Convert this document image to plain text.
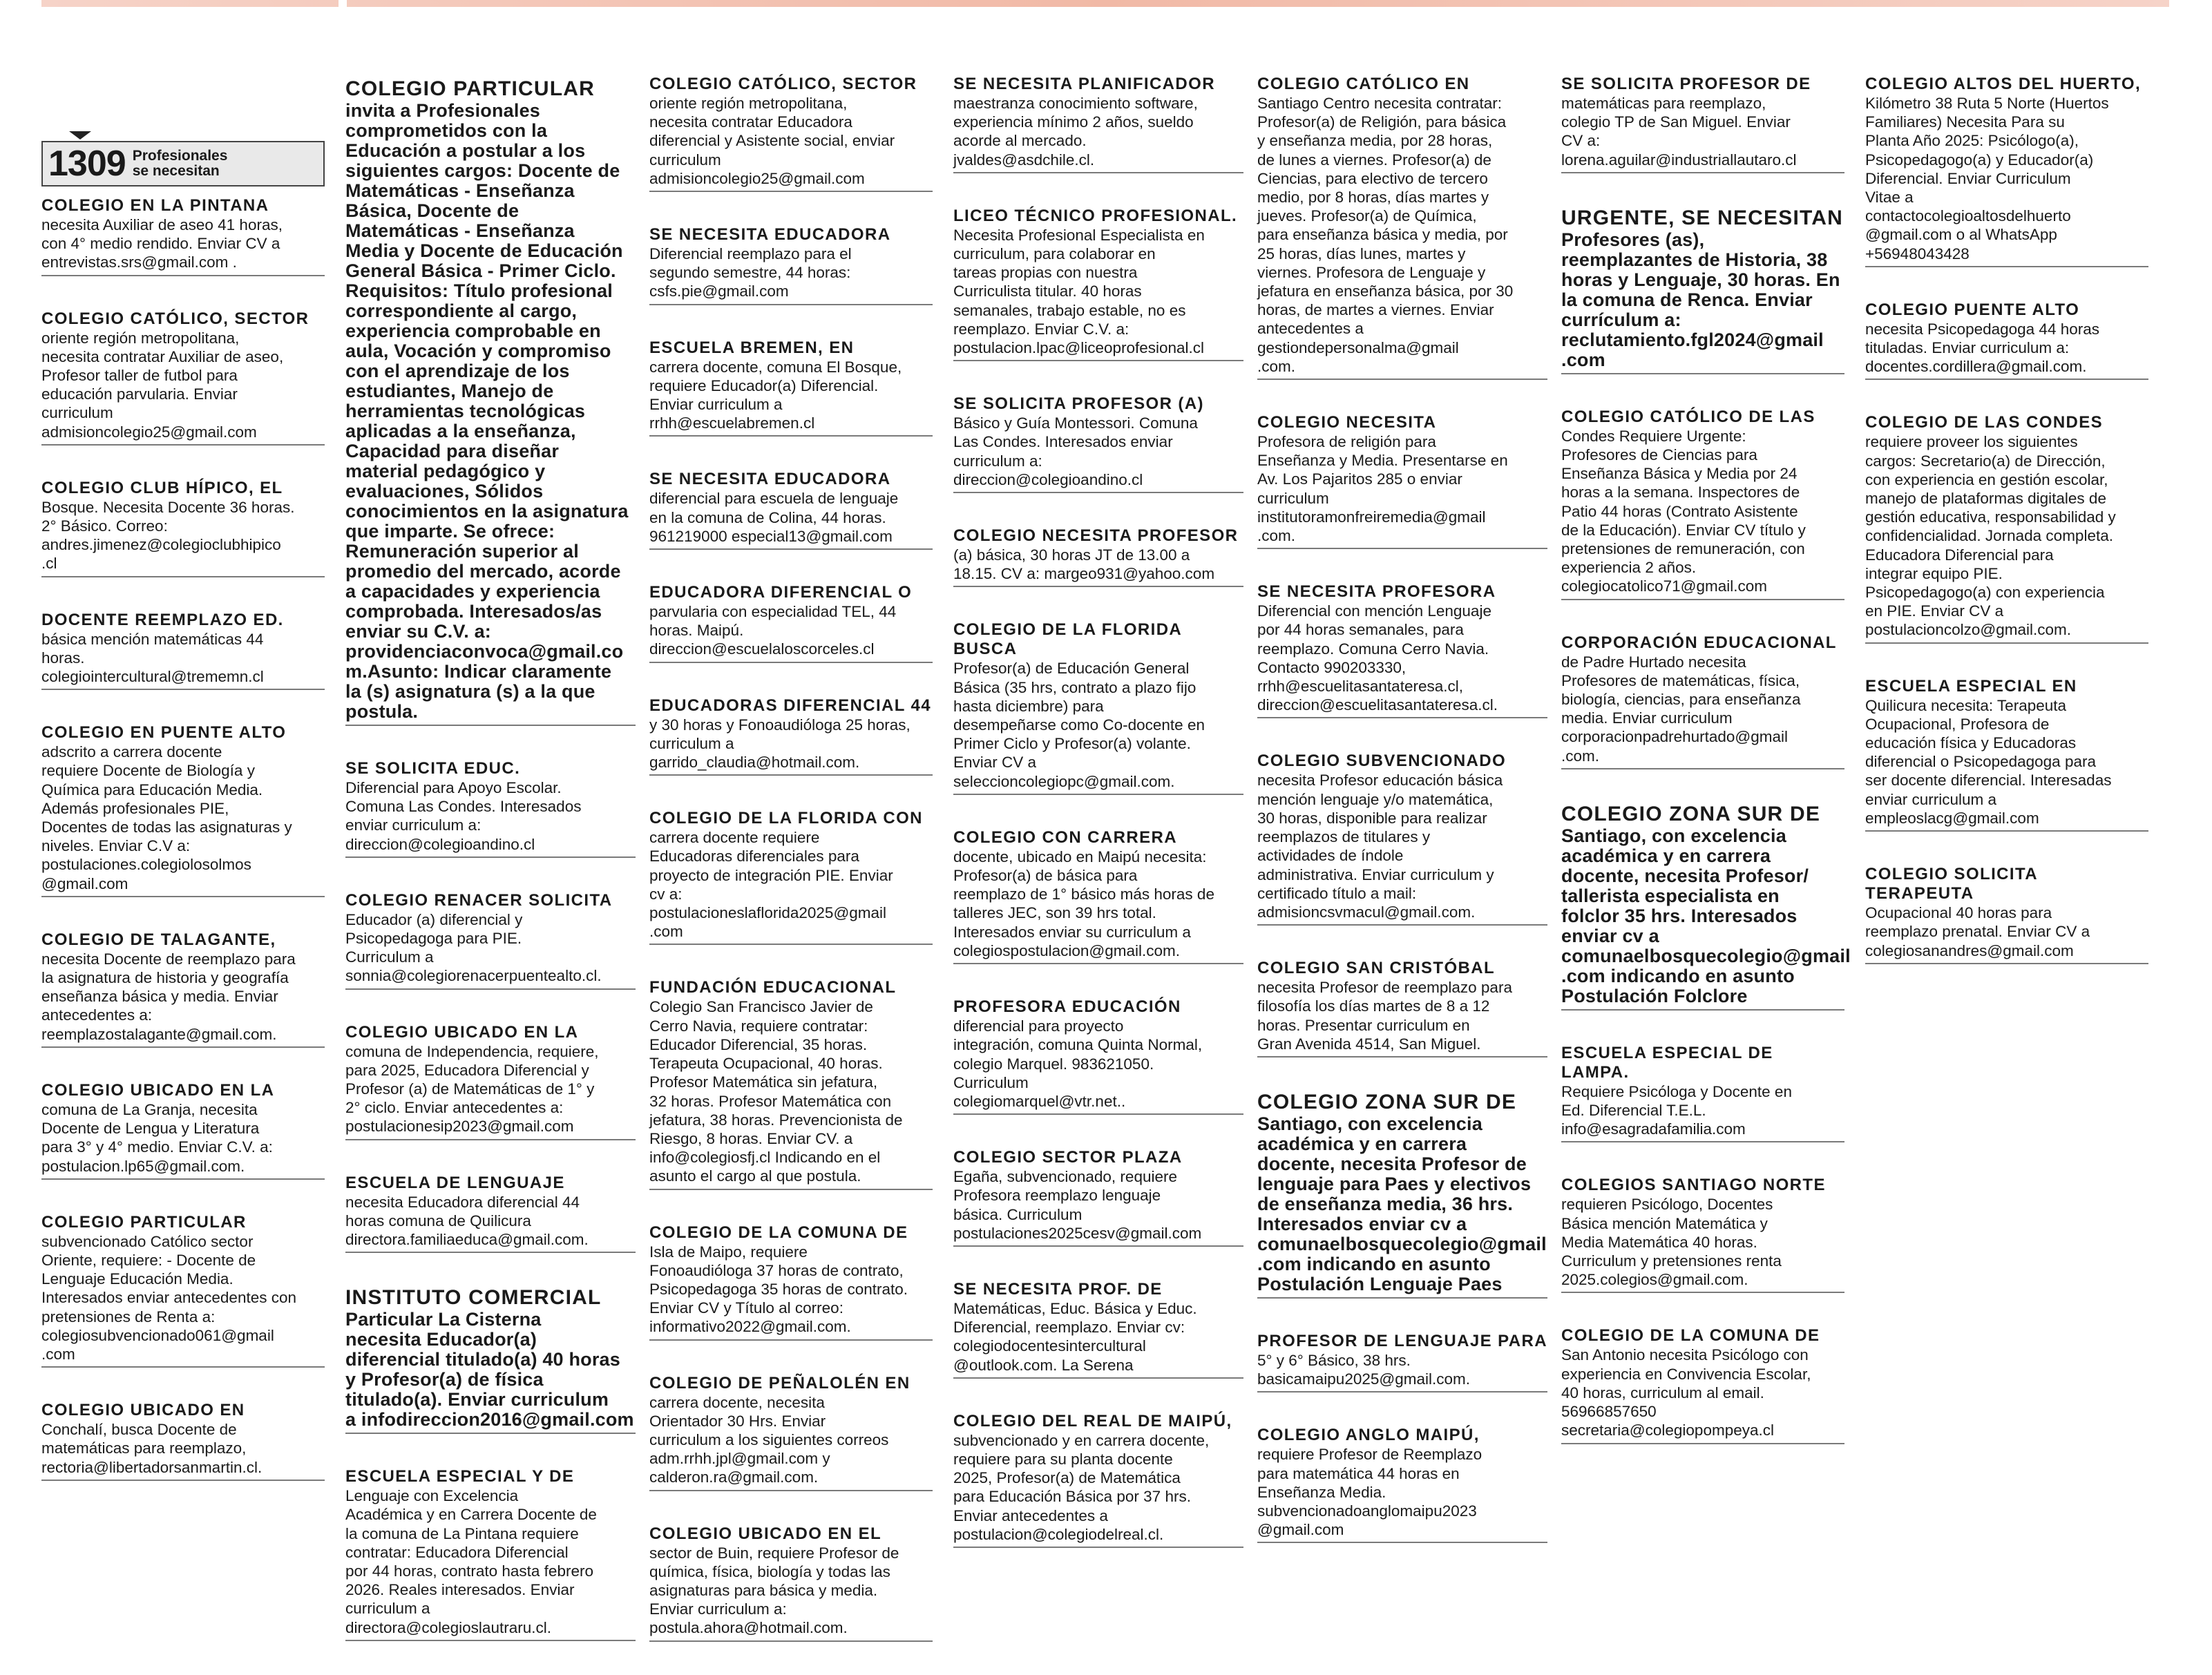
1309 Profesionales
se necesitan
COLEGIO EN LA PINTANA
necesita Auxiliar de aseo 41 horas,
con 4° medio rendido. Enviar CV a
entrevistas.srs@gmail.com .
COLEGIO CATÓLICO, SECTOR
oriente región metropolitana,
necesita contratar Auxiliar de aseo,
Profesor taller de futbol para
educación parvularia. Enviar
curriculum
admisioncolegio25@gmail.com
COLEGIO CLUB HÍPICO, EL
Bosque. Necesita Docente 36 horas.
2° Básico. Correo:
andres.jimenez@colegioclubhipico
.cl
DOCENTE REEMPLAZO ED.
básica mención matemáticas 44
horas.
colegiointercultural@trememn.cl
COLEGIO EN PUENTE ALTO
adscrito a carrera docente
requiere Docente de Biología y
Química para Educación Media.
Además profesionales PIE,
Docentes de todas las asignaturas y
niveles. Enviar C.V a:
postulaciones.colegiolosolmos
@gmail.com
COLEGIO DE TALAGANTE,
necesita Docente de reemplazo para
la asignatura de historia y geografía
enseñanza básica y media. Enviar
antecedentes a:
reemplazostalagante@gmail.com.
COLEGIO UBICADO EN LA
comuna de La Granja, necesita
Docente de Lengua y Literatura
para 3° y 4° medio. Enviar C.V. a:
postulacion.lp65@gmail.com.
COLEGIO PARTICULAR
subvencionado Católico sector
Oriente, requiere: - Docente de
Lenguaje Educación Media.
Interesados enviar antecedentes con
pretensiones de Renta a:
colegiosubvencionado061@gmail
.com
COLEGIO UBICADO EN
Conchalí, busca Docente de
matemáticas para reemplazo,
rectoria@libertadorsanmartin.cl.
COLEGIO PARTICULAR
invita a Profesionales
comprometidos con la
Educación a postular a los
siguientes cargos: Docente de
Matemáticas - Enseñanza
Básica, Docente de
Matemáticas - Enseñanza
Media y Docente de Educación
General Básica - Primer Ciclo.
Requisitos: Título profesional
correspondiente al cargo,
experiencia comprobable en
aula, Vocación y compromiso
con el aprendizaje de los
estudiantes, Manejo de
herramientas tecnológicas
aplicadas a la enseñanza,
Capacidad para diseñar
material pedagógico y
evaluaciones, Sólidos
conocimientos en la asignatura
que imparte. Se ofrece:
Remuneración superior al
promedio del mercado, acorde
a capacidades y experiencia
comprobada. Interesados/as
enviar su C.V. a:
providenciaconvoca@gmail.co
m.Asunto: Indicar claramente
la (s) asignatura (s) a la que
postula.
SE SOLICITA EDUC.
Diferencial para Apoyo Escolar.
Comuna Las Condes. Interesados
enviar curriculum a:
direccion@colegioandino.cl
COLEGIO RENACER SOLICITA
Educador (a) diferencial y
Psicopedagoga para PIE.
Curriculum a
sonnia@colegiorenacerpuentealto.cl.
COLEGIO UBICADO EN LA
comuna de Independencia, requiere,
para 2025, Educadora Diferencial y
Profesor (a) de Matemáticas de 1° y
2° ciclo. Enviar antecedentes a:
postulacionesip2023@gmail.com
ESCUELA DE LENGUAJE
necesita Educadora diferencial 44
horas comuna de Quilicura
directora.familiaeduca@gmail.com.
INSTITUTO COMERCIAL
Particular La Cisterna
necesita Educador(a)
diferencial titulado(a) 40 horas
y Profesor(a) de física
titulado(a). Enviar curriculum
a infodireccion2016@gmail.com
ESCUELA ESPECIAL Y DE
Lenguaje con Excelencia
Académica y en Carrera Docente de
la comuna de La Pintana requiere
contratar: Educadora Diferencial
por 44 horas, contrato hasta febrero
2026. Reales interesados. Enviar
curriculum a
directora@colegioslautraru.cl.
COLEGIO CATÓLICO, SECTOR
oriente región metropolitana,
necesita contratar Educadora
diferencial y Asistente social, enviar
curriculum
admisioncolegio25@gmail.com
SE NECESITA EDUCADORA
Diferencial reemplazo para el
segundo semestre, 44 horas:
csfs.pie@gmail.com
ESCUELA BREMEN, EN
carrera docente, comuna El Bosque,
requiere Educador(a) Diferencial.
Enviar curriculum a
rrhh@escuelabremen.cl
SE NECESITA EDUCADORA
diferencial para escuela de lenguaje
en la comuna de Colina, 44 horas.
961219000 especial13@gmail.com
EDUCADORA DIFERENCIAL O
parvularia con especialidad TEL, 44
horas. Maipú.
direccion@escuelaloscorceles.cl
EDUCADORAS DIFERENCIAL 44
y 30 horas y Fonoaudióloga 25 horas,
curriculum a
garrido_claudia@hotmail.com.
COLEGIO DE LA FLORIDA CON
carrera docente requiere
Educadoras diferenciales para
proyecto de integración PIE. Enviar
cv a:
postulacioneslaflorida2025@gmail
.com
FUNDACIÓN EDUCACIONAL
Colegio San Francisco Javier de
Cerro Navia, requiere contratar:
Educador Diferencial, 35 horas.
Terapeuta Ocupacional, 40 horas.
Profesor Matemática sin jefatura,
32 horas. Profesor Matemática con
jefatura, 38 horas. Prevencionista de
Riesgo, 8 horas. Enviar CV. a
info@colegiosfj.cl Indicando en el
asunto el cargo al que postula.
COLEGIO DE LA COMUNA DE
Isla de Maipo, requiere
Fonoaudióloga 37 horas de contrato,
Psicopedagoga 35 horas de contrato.
Enviar CV y Título al correo:
informativo2022@gmail.com.
COLEGIO DE PEÑALOLÉN EN
carrera docente, necesita
Orientador 30 Hrs. Enviar
curriculum a los siguientes correos
adm.rrhh.jpl@gmail.com y
calderon.ra@gmail.com.
COLEGIO UBICADO EN EL
sector de Buin, requiere Profesor de
química, física, biología y todas las
asignaturas para básica y media.
Enviar curriculum a:
postula.ahora@hotmail.com.
SE NECESITA PLANIFICADOR
maestranza conocimiento software,
experiencia mínimo 2 años, sueldo
acorde al mercado.
jvaldes@asdchile.cl.
LICEO TÉCNICO PROFESIONAL.
Necesita Profesional Especialista en
curriculum, para colaborar en
tareas propias con nuestra
Curriculista titular. 40 horas
semanales, trabajo estable, no es
reemplazo. Enviar C.V. a:
postulacion.lpac@liceoprofesional.cl
SE SOLICITA PROFESOR (A)
Básico y Guía Montessori. Comuna
Las Condes. Interesados enviar
curriculum a:
direccion@colegioandino.cl
COLEGIO NECESITA PROFESOR
(a) básica, 30 horas JT de 13.00 a
18.15. CV a: margeo931@yahoo.com
COLEGIO DE LA FLORIDA BUSCA
Profesor(a) de Educación General
Básica (35 hrs, contrato a plazo fijo
hasta diciembre) para
desempeñarse como Co-docente en
Primer Ciclo y Profesor(a) volante.
Enviar CV a
seleccioncolegiopc@gmail.com.
COLEGIO CON CARRERA
docente, ubicado en Maipú necesita:
Profesor(a) de básica para
reemplazo de 1° básico más horas de
talleres JEC, son 39 hrs total.
Interesados enviar su curriculum a
colegiospostulacion@gmail.com.
PROFESORA EDUCACIÓN
diferencial para proyecto
integración, comuna Quinta Normal,
colegio Marquel. 983621050.
Curriculum
colegiomarquel@vtr.net..
COLEGIO SECTOR PLAZA
Egaña, subvencionado, requiere
Profesora reemplazo lenguaje
básica. Curriculum
postulaciones2025cesv@gmail.com
SE NECESITA PROF. DE
Matemáticas, Educ. Básica y Educ.
Diferencial, reemplazo. Enviar cv:
colegiodocentesintercultural
@outlook.com. La Serena
COLEGIO DEL REAL DE MAIPÚ,
subvencionado y en carrera docente,
requiere para su planta docente
2025, Profesor(a) de Matemática
para Educación Básica por 37 hrs.
Enviar antecedentes a
postulacion@colegiodelreal.cl.
COLEGIO CATÓLICO EN
Santiago Centro necesita contratar:
Profesor(a) de Religión, para básica
y enseñanza media, por 28 horas,
de lunes a viernes. Profesor(a) de
Ciencias, para electivo de tercero
medio, por 8 horas, días martes y
jueves. Profesor(a) de Química,
para enseñanza básica y media, por
25 horas, días lunes, martes y
viernes. Profesora de Lenguaje y
jefatura en enseñanza básica, por 30
horas, de martes a viernes. Enviar
antecedentes a
gestiondepersonalma@gmail
.com.
COLEGIO NECESITA
Profesora de religión para
Enseñanza y Media. Presentarse en
Av. Los Pajaritos 285 o enviar
curriculum
institutoramonfreiremedia@gmail
.com.
SE NECESITA PROFESORA
Diferencial con mención Lenguaje
por 44 horas semanales, para
reemplazo. Comuna Cerro Navia.
Contacto 990203330,
rrhh@escuelitasantateresa.cl,
direccion@escuelitasantateresa.cl.
COLEGIO SUBVENCIONADO
necesita Profesor educación básica
mención lenguaje y/o matemática,
30 horas, disponible para realizar
reemplazos de titulares y
actividades de índole
administrativa. Enviar curriculum y
certificado título a mail:
admisioncsvmacul@gmail.com.
COLEGIO SAN CRISTÓBAL
necesita Profesor de reemplazo para
filosofía los días martes de 8 a 12
horas. Presentar curriculum en
Gran Avenida 4514, San Miguel.
COLEGIO ZONA SUR DE
Santiago, con excelencia
académica y en carrera
docente, necesita Profesor de
lenguaje para Paes y electivos
de enseñanza media, 36 hrs.
Interesados enviar cv a
comunaelbosquecolegio@gmail
.com indicando en asunto
Postulación Lenguaje Paes
PROFESOR DE LENGUAJE PARA
5° y 6° Básico, 38 hrs.
basicamaipu2025@gmail.com.
COLEGIO ANGLO MAIPÚ,
requiere Profesor de Reemplazo
para matemática 44 horas en
Enseñanza Media.
subvencionadoanglomaipu2023
@gmail.com
SE SOLICITA PROFESOR DE
matemáticas para reemplazo,
colegio TP de San Miguel. Enviar
CV a:
lorena.aguilar@industriallautaro.cl
URGENTE, SE NECESITAN
Profesores (as),
reemplazantes de Historia, 38
horas y Lenguaje, 30 horas. En
la comuna de Renca. Enviar
currículum a:
reclutamiento.fgl2024@gmail
.com
COLEGIO CATÓLICO DE LAS
Condes Requiere Urgente:
Profesores de Ciencias para
Enseñanza Básica y Media por 24
horas a la semana. Inspectores de
Patio 44 horas (Contrato Asistente
de la Educación). Enviar CV título y
pretensiones de remuneración, con
experiencia 2 años.
colegiocatolico71@gmail.com
CORPORACIÓN EDUCACIONAL
de Padre Hurtado necesita
Profesores de matemáticas, física,
biología, ciencias, para enseñanza
media. Enviar curriculum
corporacionpadrehurtado@gmail
.com.
COLEGIO ZONA SUR DE
Santiago, con excelencia
académica y en carrera
docente, necesita Profesor/
tallerista especialista en
folclor 35 hrs. Interesados
enviar cv a
comunaelbosquecolegio@gmail
.com indicando en asunto
Postulación Folclore
ESCUELA ESPECIAL DE LAMPA.
Requiere Psicóloga y Docente en
Ed. Diferencial T.E.L.
info@esagradafamilia.com
COLEGIOS SANTIAGO NORTE
requieren Psicólogo, Docentes
Básica mención Matemática y
Media Matemática 40 horas.
Curriculum y pretensiones renta
2025.colegios@gmail.com.
COLEGIO DE LA COMUNA DE
San Antonio necesita Psicólogo con
experiencia en Convivencia Escolar,
40 horas, curriculum al email.
56966857650
secretaria@colegiopompeya.cl
COLEGIO ALTOS DEL HUERTO,
Kilómetro 38 Ruta 5 Norte (Huertos
Familiares) Necesita Para su
Planta Año 2025: Psicólogo(a),
Psicopedagogo(a) y Educador(a)
Diferencial. Enviar Curriculum
Vitae a
contactocolegioaltosdelhuerto
@gmail.com o al WhatsApp
+56948043428
COLEGIO PUENTE ALTO
necesita Psicopedagoga 44 horas
tituladas. Enviar curriculum a:
docentes.cordillera@gmail.com.
COLEGIO DE LAS CONDES
requiere proveer los siguientes
cargos: Secretario(a) de Dirección,
con experiencia en gestión escolar,
manejo de plataformas digitales de
gestión educativa, responsabilidad y
confidencialidad. Jornada completa.
Educadora Diferencial para
integrar equipo PIE.
Psicopedagogo(a) con experiencia
en PIE. Enviar CV a
postulacioncolzo@gmail.com.
ESCUELA ESPECIAL EN
Quilicura necesita: Terapeuta
Ocupacional, Profesora de
educación física y Educadoras
diferencial o Psicopedagoga para
ser docente diferencial. Interesadas
enviar curriculum a
empleoslacg@gmail.com
COLEGIO SOLICITA TERAPEUTA
Ocupacional 40 horas para
reemplazo prenatal. Enviar CV a
colegiosanandres@gmail.com
